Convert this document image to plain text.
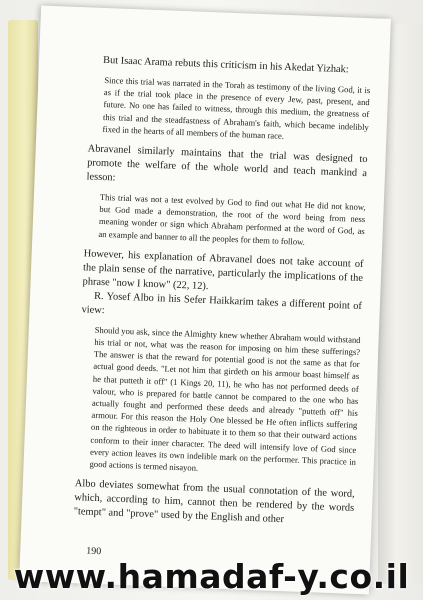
But Isaac Arama rebuts this criticism in his Akedat Yizhak:

Since this trial was narrated in the Torah as testimony of the living God, it is as if the trial took place in the presence of every Jew, past, present, and future. No one has failed to witness, through this medium, the greatness of this trial and the steadfastness of Abraham's faith, which became indelibly fixed in the hearts of all members of the human race.

Abravanel similarly maintains that the trial was designed to promote the welfare of the whole world and teach mankind a lesson:

This trial was not a test evolved by God to find out what He did not know, but God made a demonstration, the root of the word being from ness meaning wonder or sign which Abraham performed at the word of God, as an example and banner to all the peoples for them to follow.

However, his explanation of Abravanel does not take account of the plain sense of the narrative, particularly the implications of the phrase "now I know" (22, 12).

R. Yosef Albo in his Sefer Haikkarim takes a different point of view:

Should you ask, since the Almighty knew whether Abraham would withstand his trial or not, what was the reason for imposing on him these sufferings? The answer is that the reward for potential good is not the same as that for actual good deeds. "Let not him that girdeth on his armour boast himself as he that putteth it off" (1 Kings 20, 11), he who has not performed deeds of valour, who is prepared for battle cannot be compared to the one who has actually fought and performed these deeds and already "putteth off" his armour. For this reason the Holy One blessed be He often inflicts suffering on the righteous in order to habituate it to them so that their outward actions conform to their inner character. The deed will intensify love of God since every action leaves its own indelible mark on the performer. This practice in good actions is termed nisayon.

Albo deviates somewhat from the usual connotation of the word, which, according to him, cannot then be rendered by the words "tempt" and "prove" used by the English and other

190
www.hamadaf-y.co.il
